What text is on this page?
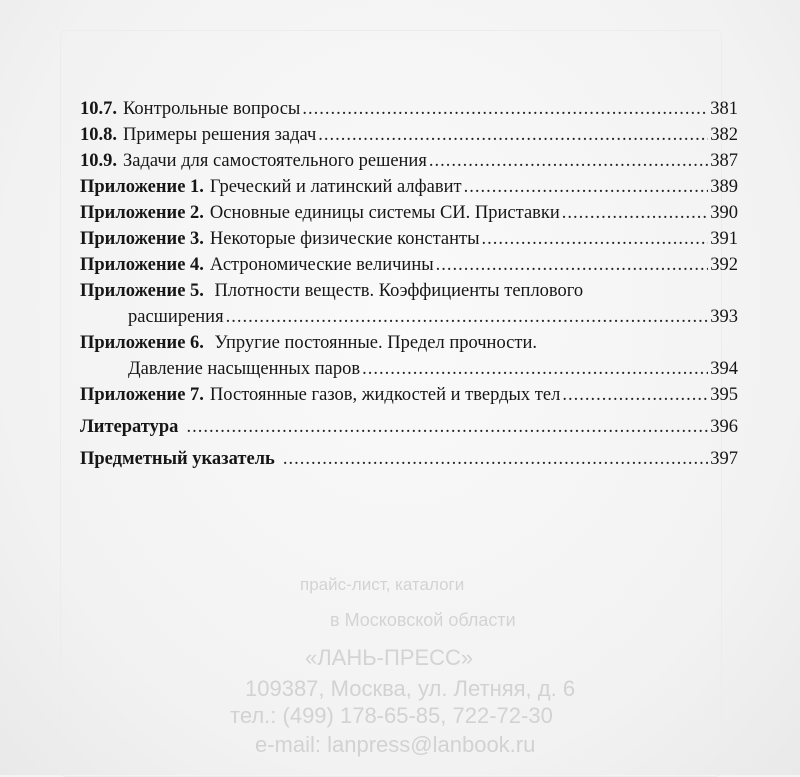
прайс-лист, каталоги
в Московской области
«ЛАНЬ-ПРЕСС»
109387, Москва, ул. Летняя, д. 6
тел.: (499) 178-65-85, 722-72-30
e-mail: lanpress@lanbook.ru
10.7. Контрольные вопросы .....	381
10.8. Примеры решения задач .....	382
10.9. Задачи для самостоятельного решения .....	387
Приложение 1. Греческий и латинский алфавит .....	389
Приложение 2. Основные единицы системы СИ. Приставки .....	390
Приложение 3. Некоторые физические константы .....	391
Приложение 4. Астрономические величины .....	392
Приложение 5. Плотности веществ. Коэффициенты теплового
расширения .....	393
Приложение 6. Упругие постоянные. Предел прочности.
Давление насыщенных паров .....	394
Приложение 7. Постоянные газов, жидкостей и твердых тел .....	395
Литература .....	396
Предметный указатель .....	397
